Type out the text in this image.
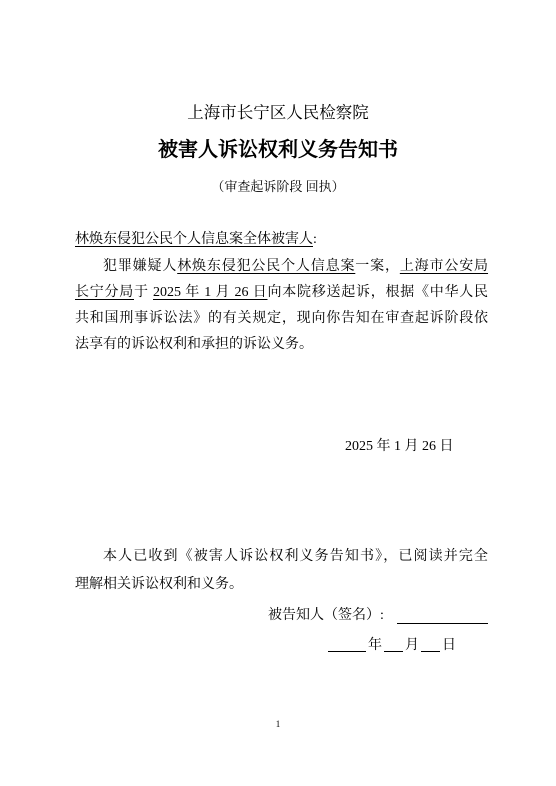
上海市长宁区人民检察院
被害人诉讼权利义务告知书
（审查起诉阶段 回执）
林焕东侵犯公民个人信息案全体被害人:
犯罪嫌疑人林焕东侵犯公民个人信息案一案，上海市公安局
长宁分局于 2025 年 1 月 26 日向本院移送起诉，根据《中华人民
共和国刑事诉讼法》的有关规定，现向你告知在审查起诉阶段依
法享有的诉讼权利和承担的诉讼义务。
2025 年 1 月 26 日
本人已收到《被害人诉讼权利义务告知书》，已阅读并完全
理解相关诉讼权利和义务。
被告知人（签名）:
年 月 日
1
